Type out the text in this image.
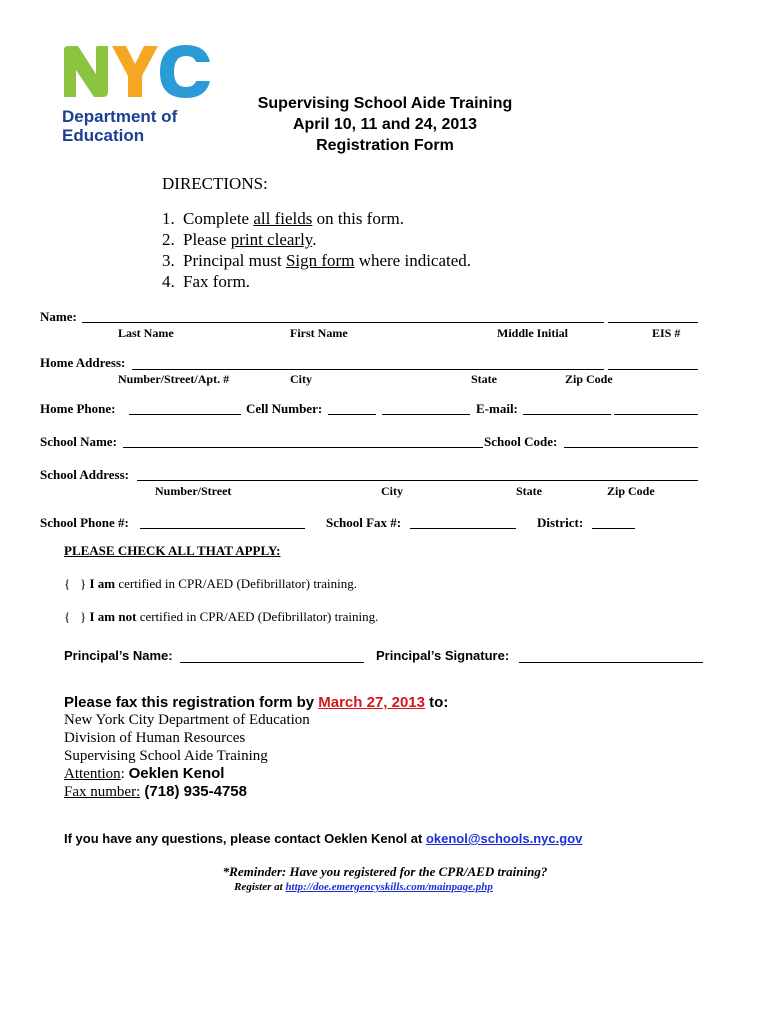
Department of
Education
Supervising School Aide Training
April 10, 11 and 24, 2013
Registration Form
DIRECTIONS:
1. Complete all fields on this form.
2. Please print clearly.
3. Principal must Sign form where indicated.
4. Fax form.
Name:
Last Name	First Name	Middle Initial	EIS #
Home Address:
Number/Street/Apt. #	City	State	Zip Code
Home Phone:	Cell Number:	E-mail:
School Name:	School Code:
School Address:
Number/Street	City	State	Zip Code
School Phone #:	School Fax #:	District:
PLEASE CHECK ALL THAT APPLY:
{   } I am certified in CPR/AED (Defibrillator) training.
{   } I am not certified in CPR/AED (Defibrillator) training.
Principal’s Name:	Principal’s Signature:
Please fax this registration form by March 27, 2013 to:
New York City Department of Education
Division of Human Resources
Supervising School Aide Training
Attention: Oeklen Kenol
Fax number: (718) 935-4758
If you have any questions, please contact Oeklen Kenol at okenol@schools.nyc.gov
*Reminder: Have you registered for the CPR/AED training?
Register at http://doe.emergencyskills.com/mainpage.php
